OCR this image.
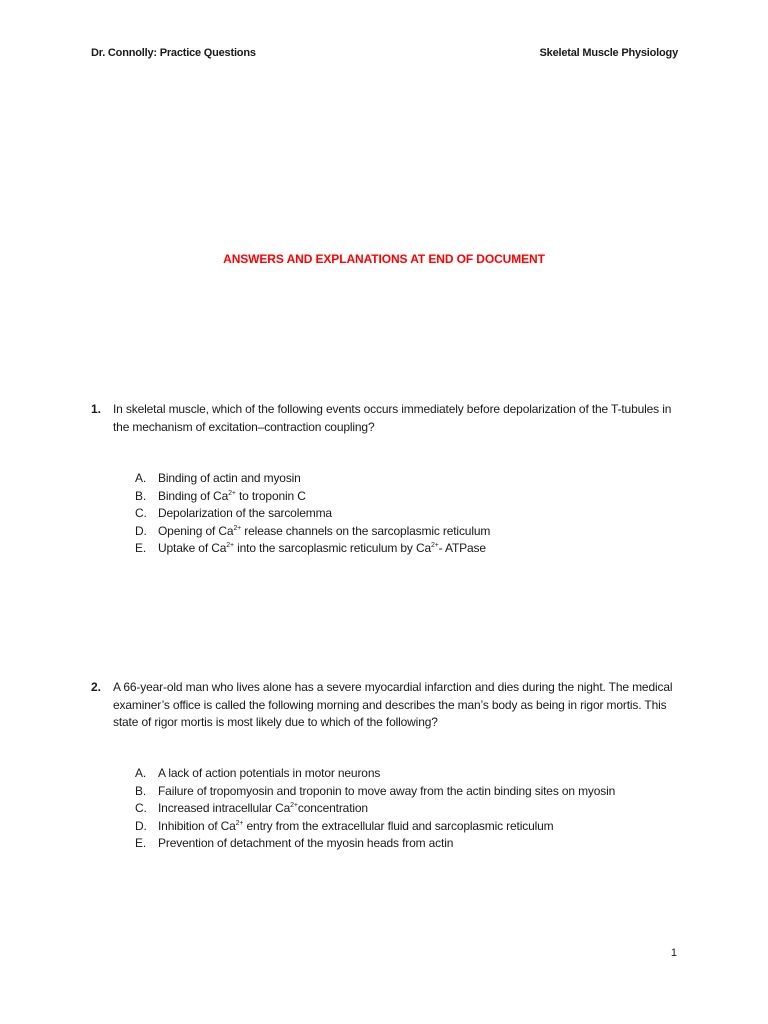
Dr. Connolly: Practice Questions	Skeletal Muscle Physiology
ANSWERS AND EXPLANATIONS AT END OF DOCUMENT
1. In skeletal muscle, which of the following events occurs immediately before depolarization of the T-tubules in the mechanism of excitation–contraction coupling?
A. Binding of actin and myosin
B. Binding of $Ca^{2+}$ to troponin C
C. Depolarization of the sarcolemma
D. Opening of $Ca^{2+}$ release channels on the sarcoplasmic reticulum
E. Uptake of $Ca^{2+}$ into the sarcoplasmic reticulum by $Ca^{2+}-$ ATPase
2. A 66-year-old man who lives alone has a severe myocardial infarction and dies during the night. The medical examiner’s office is called the following morning and describes the man’s body as being in rigor mortis. This state of rigor mortis is most likely due to which of the following?
A. A lack of action potentials in motor neurons
B. Failure of tropomyosin and troponin to move away from the actin binding sites on myosin
C. Increased intracellular $Ca^{2+}concentration$
D. Inhibition of $Ca^{2+}$ entry from the extracellular fluid and sarcoplasmic reticulum
E. Prevention of detachment of the myosin heads from actin
1
